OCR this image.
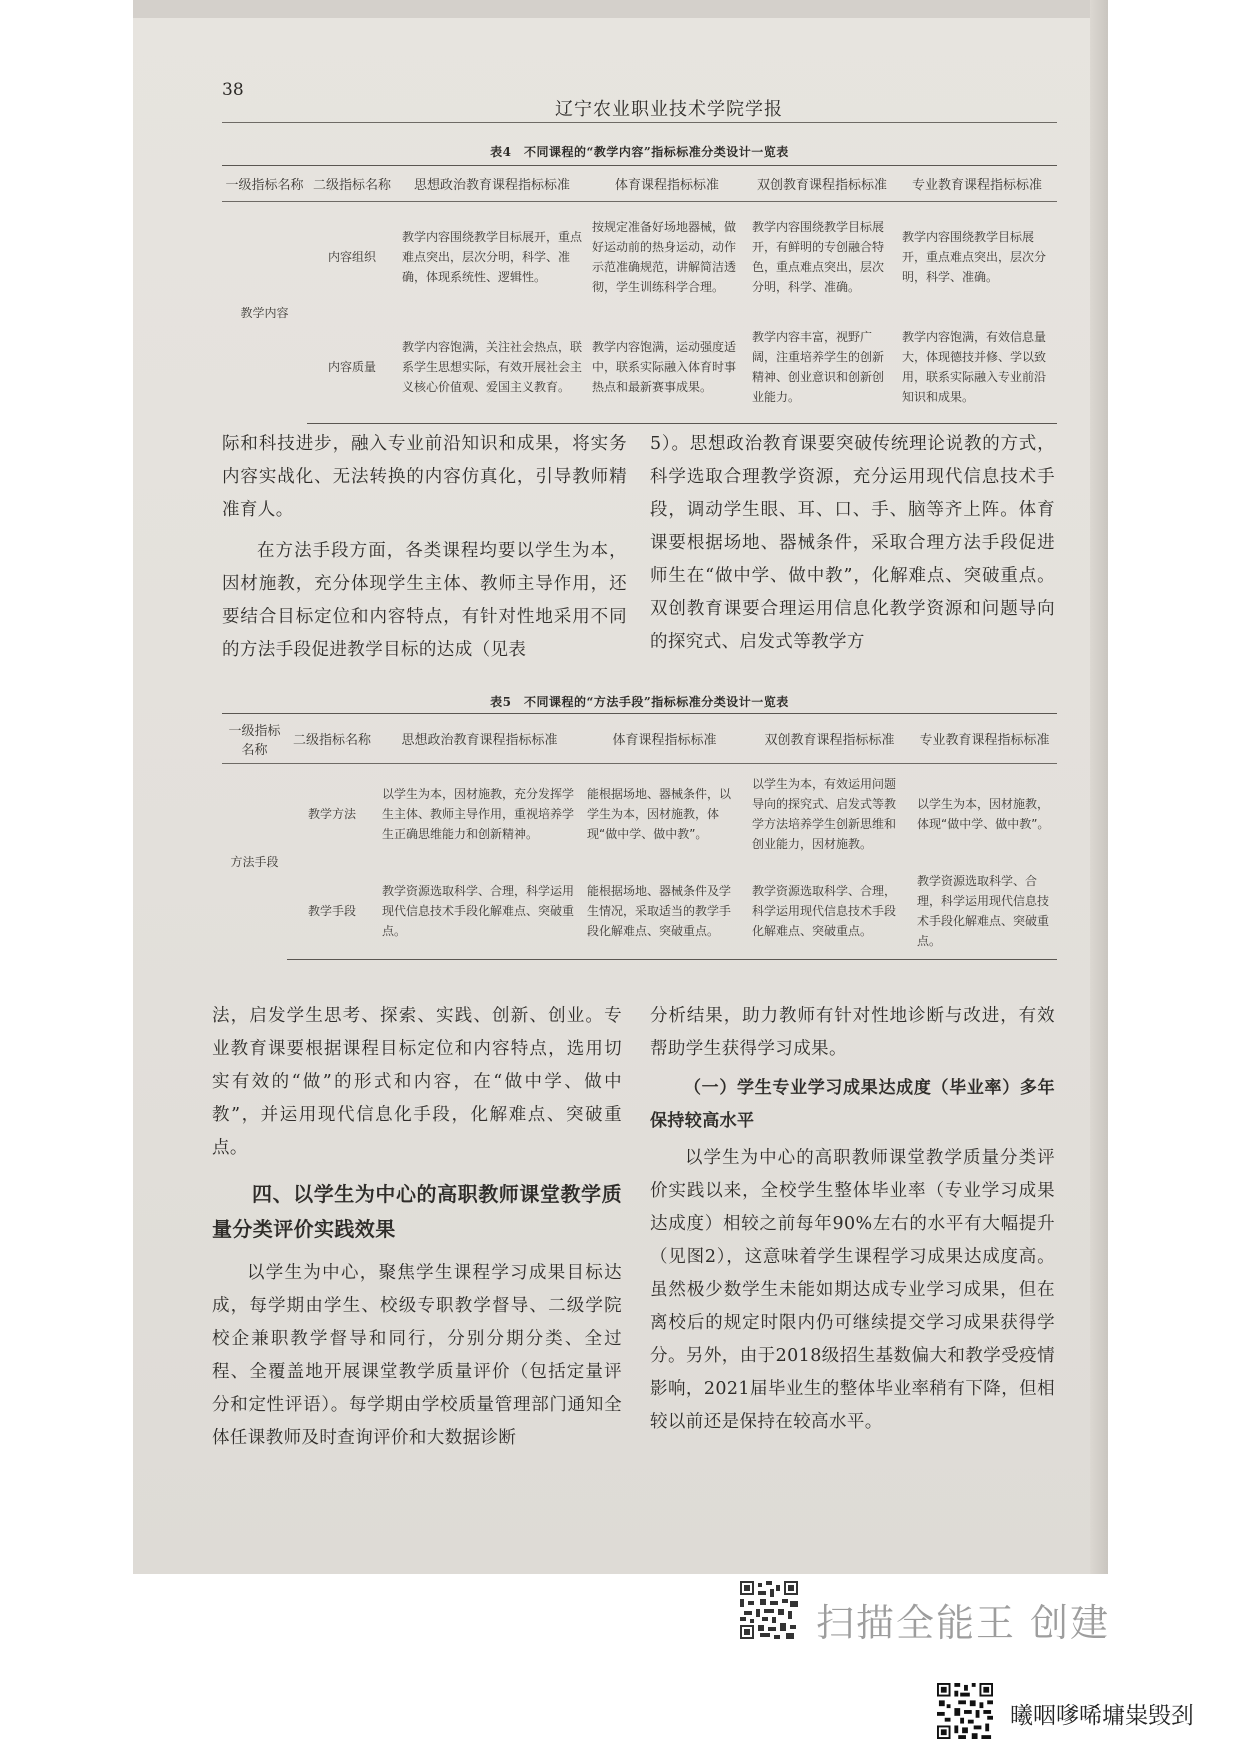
38
辽宁农业职业技术学院学报
表4　不同课程的“教学内容”指标标准分类设计一览表
一级指标名称	二级指标名称	思想政治教育课程指标标准	体育课程指标标准	双创教育课程指标标准	专业教育课程指标标准
教学内容	内容组织	教学内容围绕教学目标展开，重点难点突出，层次分明，科学、准确，体现系统性、逻辑性。	按规定准备好场地器械，做好运动前的热身运动，动作示范准确规范，讲解简洁透彻，学生训练科学合理。	教学内容围绕教学目标展开，有鲜明的专创融合特色，重点难点突出，层次分明，科学、准确。	教学内容围绕教学目标展开，重点难点突出，层次分明，科学、准确。
	内容质量	教学内容饱满，关注社会热点，联系学生思想实际，有效开展社会主义核心价值观、爱国主义教育。	教学内容饱满，运动强度适中，联系实际融入体育时事热点和最新赛事成果。	教学内容丰富，视野广阔，注重培养学生的创新精神、创业意识和创新创业能力。	教学内容饱满，有效信息量大，体现德技并修、学以致用，联系实际融入专业前沿知识和成果。

际和科技进步，融入专业前沿知识和成果，将实务内容实战化、无法转换的内容仿真化，引导教师精准育人。

在方法手段方面，各类课程均要以学生为本，因材施教，充分体现学生主体、教师主导作用，还要结合目标定位和内容特点，有针对性地采用不同的方法手段促进教学目标的达成（见表

5）。思想政治教育课要突破传统理论说教的方式，科学选取合理教学资源，充分运用现代信息技术手段，调动学生眼、耳、口、手、脑等齐上阵。体育课要根据场地、器械条件，采取合理方法手段促进师生在“做中学、做中教”，化解难点、突破重点。双创教育课要合理运用信息化教学资源和问题导向的探究式、启发式等教学方

表5　不同课程的“方法手段”指标标准分类设计一览表
一级指标名称	二级指标名称	思想政治教育课程指标标准	体育课程指标标准	双创教育课程指标标准	专业教育课程指标标准
方法手段	教学方法	以学生为本，因材施教，充分发挥学生主体、教师主导作用，重视培养学生正确思维能力和创新精神。	能根据场地、器械条件，以学生为本，因材施教，体现“做中学、做中教”。	以学生为本，有效运用问题导向的探究式、启发式等教学方法培养学生创新思维和创业能力，因材施教。	以学生为本，因材施教，体现“做中学、做中教”。
	教学手段	教学资源选取科学、合理，科学运用现代信息技术手段化解难点、突破重点。	能根据场地、器械条件及学生情况，采取适当的教学手段化解难点、突破重点。	教学资源选取科学、合理，科学运用现代信息技术手段化解难点、突破重点。	教学资源选取科学、合理，科学运用现代信息技术手段化解难点、突破重点。

法，启发学生思考、探索、实践、创新、创业。专业教育课要根据课程目标定位和内容特点，选用切实有效的“做”的形式和内容，在“做中学、做中教”，并运用现代信息化手段，化解难点、突破重点。

四、以学生为中心的高职教师课堂教学质量分类评价实践效果

以学生为中心，聚焦学生课程学习成果目标达成，每学期由学生、校级专职教学督导、二级学院校企兼职教学督导和同行，分别分期分类、全过程、全覆盖地开展课堂教学质量评价（包括定量评分和定性评语）。每学期由学校质量管理部门通知全体任课教师及时查询评价和大数据诊断

分析结果，助力教师有针对性地诊断与改进，有效帮助学生获得学习成果。

（一）学生专业学习成果达成度（毕业率）多年保持较高水平

以学生为中心的高职教师课堂教学质量分类评价实践以来，全校学生整体毕业率（专业学习成果达成度）相较之前每年90%左右的水平有大幅提升（见图2），这意味着学生课程学习成果达成度高。虽然极少数学生未能如期达成专业学习成果，但在离校后的规定时限内仍可继续提交学习成果获得学分。另外，由于2018级招生基数偏大和教学受疫情影响，2021届毕业生的整体毕业率稍有下降，但相较以前还是保持在较高水平。

扫描全能王 创建
曦咽嗲唏墉粜毁刭
